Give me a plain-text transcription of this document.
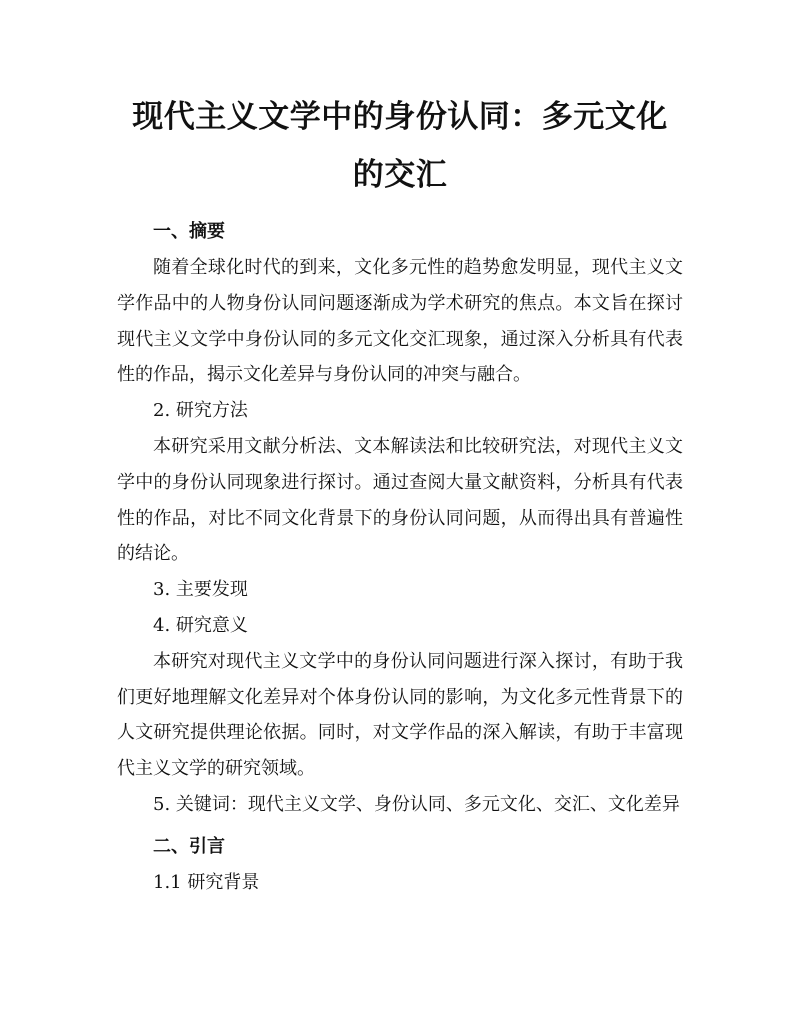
现代主义文学中的身份认同：多元文化的交汇

一、摘要

随着全球化时代的到来，文化多元性的趋势愈发明显，现代主义文学作品中的人物身份认同问题逐渐成为学术研究的焦点。本文旨在探讨现代主义文学中身份认同的多元文化交汇现象，通过深入分析具有代表性的作品，揭示文化差异与身份认同的冲突与融合。

2. 研究方法

本研究采用文献分析法、文本解读法和比较研究法，对现代主义文学中的身份认同现象进行探讨。通过查阅大量文献资料，分析具有代表性的作品，对比不同文化背景下的身份认同问题，从而得出具有普遍性的结论。

3. 主要发现

4. 研究意义

本研究对现代主义文学中的身份认同问题进行深入探讨，有助于我们更好地理解文化差异对个体身份认同的影响，为文化多元性背景下的人文研究提供理论依据。同时，对文学作品的深入解读，有助于丰富现代主义文学的研究领域。

5. 关键词：现代主义文学、身份认同、多元文化、交汇、文化差异

二、引言

1.1 研究背景
